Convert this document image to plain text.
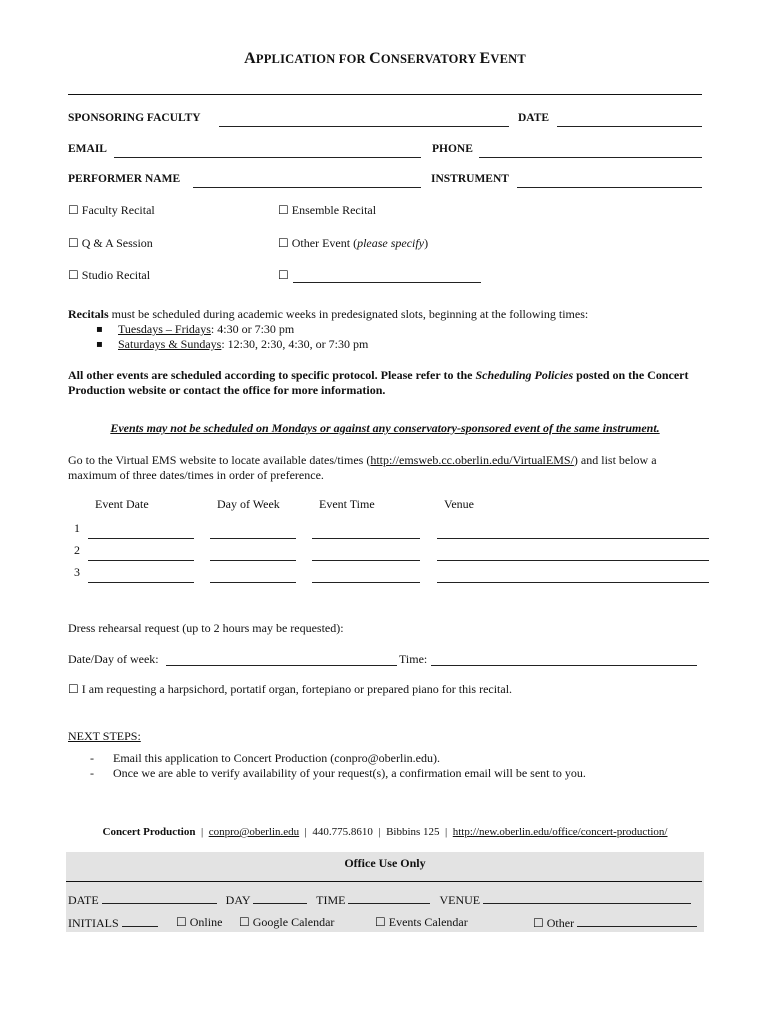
APPLICATION FOR CONSERVATORY EVENT
SPONSORING FACULTY	DATE
EMAIL	PHONE
PERFORMER NAME	INSTRUMENT
☐ Faculty Recital	☐ Ensemble Recital
☐ Q & A Session	☐ Other Event (please specify)
☐ Studio Recital	☐
Recitals must be scheduled during academic weeks in predesignated slots, beginning at the following times:
▪ Tuesdays – Fridays: 4:30 or 7:30 pm
▪ Saturdays & Sundays: 12:30, 2:30, 4:30, or 7:30 pm
All other events are scheduled according to specific protocol. Please refer to the Scheduling Policies posted on the Concert Production website or contact the office for more information.
Events may not be scheduled on Mondays or against any conservatory-sponsored event of the same instrument.
Go to the Virtual EMS website to locate available dates/times (http://emsweb.cc.oberlin.edu/VirtualEMS/) and list below a maximum of three dates/times in order of preference.
Event Date	Day of Week	Event Time	Venue
1
2
3
Dress rehearsal request (up to 2 hours may be requested):
Date/Day of week:	Time:
☐ I am requesting a harpsichord, portatif organ, fortepiano or prepared piano for this recital.
NEXT STEPS:
- Email this application to Concert Production (conpro@oberlin.edu).
- Once we are able to verify availability of your request(s), a confirmation email will be sent to you.
Concert Production | conpro@oberlin.edu | 440.775.8610 | Bibbins 125 | http://new.oberlin.edu/office/concert-production/
Office Use Only
DATE	DAY	TIME	VENUE
INITIALS	☐ Online ☐ Google Calendar	☐ Events Calendar	☐ Other
